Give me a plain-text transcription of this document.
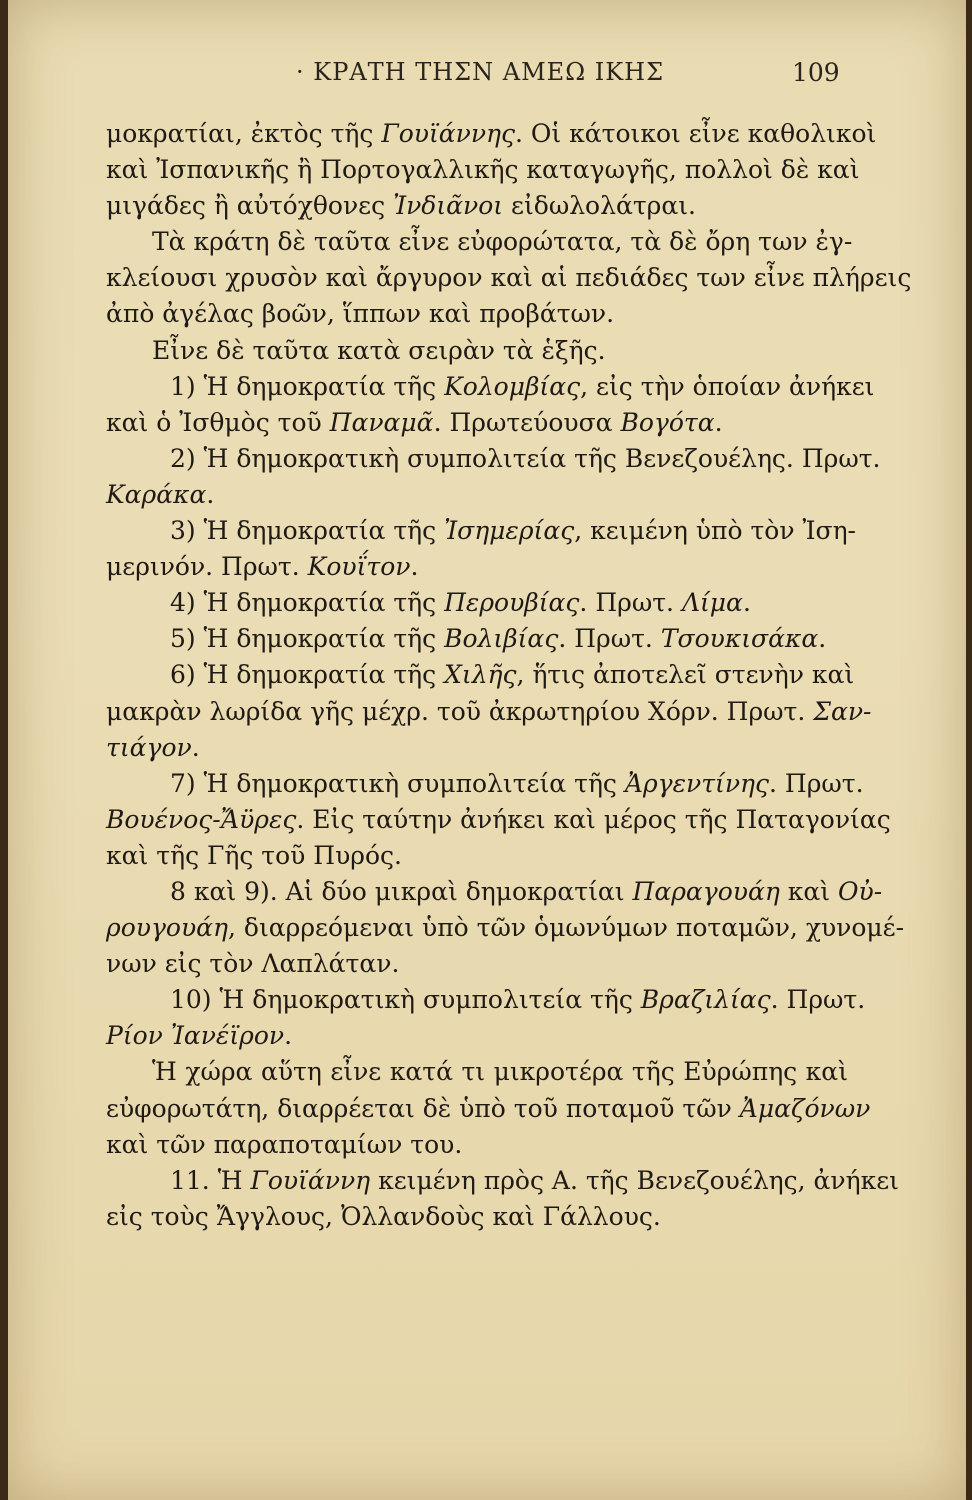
· ΚΡΑΤΗ ΤΗΣΝ ΑΜΕΩ ΙΚΗΣ	109
μοκρατίαι, ἐκτὸς τῆς Γουϊάννης. Οἱ κάτοικοι εἶνε καθολικοὶ
καὶ Ἰσπανικῆς ἢ Πορτογαλλικῆς καταγωγῆς, πολλοὶ δὲ καὶ
μιγάδες ἢ αὐτόχθονες Ἰνδιᾶνοι εἰδωλολάτραι.
Τὰ κράτη δὲ ταῦτα εἶνε εὐφορώτατα, τὰ δὲ ὄρη των ἐγ-
κλείουσι χρυσὸν καὶ ἄργυρον καὶ αἱ πεδιάδες των εἶνε πλήρεις
ἀπὸ ἀγέλας βοῶν, ἵππων καὶ προβάτων.
Εἶνε δὲ ταῦτα κατὰ σειρὰν τὰ ἑξῆς.
1) Ἡ δημοκρατία τῆς Κολομβίας, εἰς τὴν ὁποίαν ἀνήκει
καὶ ὁ Ἰσθμὸς τοῦ Παναμᾶ. Πρωτεύουσα Βογότα.
2) Ἡ δημοκρατικὴ συμπολιτεία τῆς Βενεζουέλης. Πρωτ.
Καράκα.
3) Ἡ δημοκρατία τῆς Ἰσημερίας, κειμένη ὑπὸ τὸν Ἰση-
μερινόν. Πρωτ. Κουΐτον.
4) Ἡ δημοκρατία τῆς Περουβίας. Πρωτ. Λίμα.
5) Ἡ δημοκρατία τῆς Βολιβίας. Πρωτ. Τσουκισάκα.
6) Ἡ δημοκρατία τῆς Χιλῆς, ἥτις ἀποτελεῖ στενὴν καὶ
μακρὰν λωρίδα γῆς μέχρ. τοῦ ἀκρωτηρίου Χόρν. Πρωτ. Σαν-
τιάγον.
7) Ἡ δημοκρατικὴ συμπολιτεία τῆς Ἀργεντίνης. Πρωτ.
Βουένος-Ἄϋρες. Εἰς ταύτην ἀνήκει καὶ μέρος τῆς Παταγονίας
καὶ τῆς Γῆς τοῦ Πυρός.
8 καὶ 9). Αἱ δύο μικραὶ δημοκρατίαι Παραγουάη καὶ Οὐ-
ρουγουάη, διαρρεόμεναι ὑπὸ τῶν ὁμωνύμων ποταμῶν, χυνομέ-
νων εἰς τὸν Λαπλάταν.
10) Ἡ δημοκρατικὴ συμπολιτεία τῆς Βραζιλίας. Πρωτ.
Ρίον Ἰανέϊρον.
Ἡ χώρα αὕτη εἶνε κατά τι μικροτέρα τῆς Εὐρώπης καὶ
εὐφορωτάτη, διαρρέεται δὲ ὑπὸ τοῦ ποταμοῦ τῶν Ἀμαζόνων
καὶ τῶν παραποταμίων του.
11. Ἡ Γουϊάννη κειμένη πρὸς Α. τῆς Βενεζουέλης, ἀνήκει
εἰς τοὺς Ἄγγλους, Ὀλλανδοὺς καὶ Γάλλους.
